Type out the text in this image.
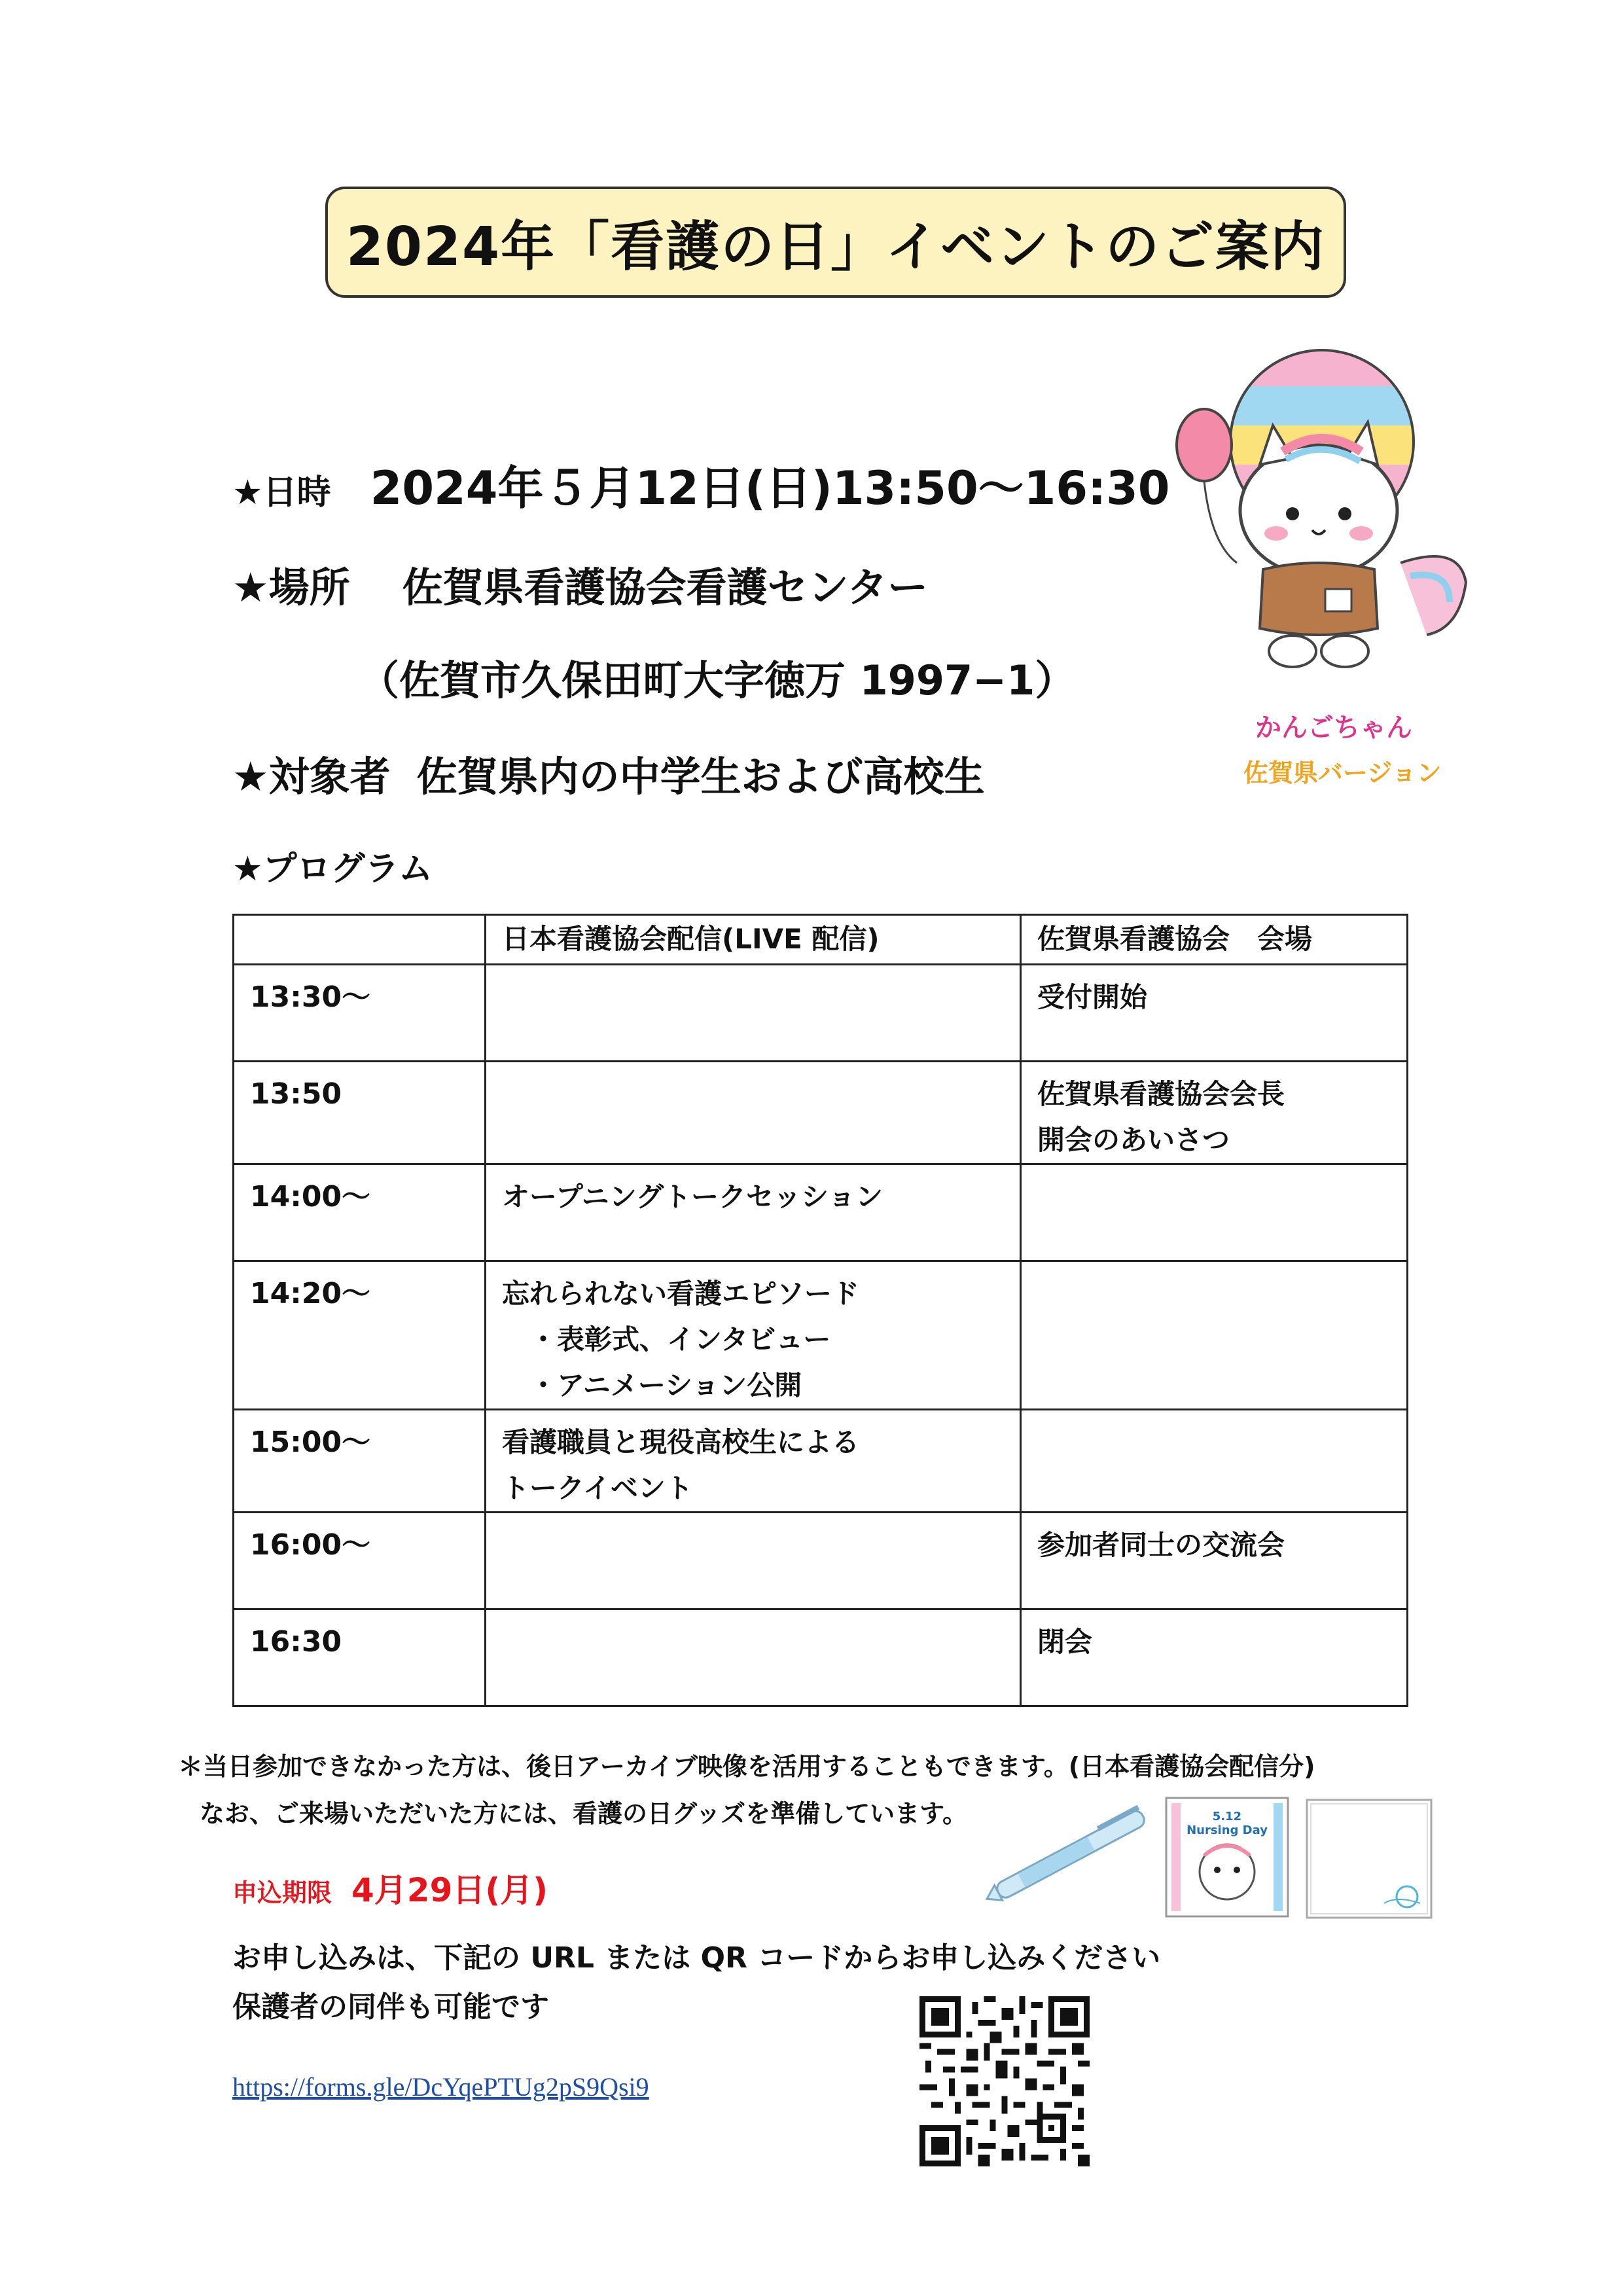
2024年「看護の日」イベントのご案内
★日時 2024年５月12日(日)13:50～16:30
★場所 佐賀県看護協会看護センター
（佐賀市久保田町大字徳万 1997−1）
★対象者 佐賀県内の中学生および高校生
★プログラム
かんごちゃん
佐賀県バージョン
	日本看護協会配信(LIVE 配信)	佐賀県看護協会　会場
13:30～		受付開始
13:50		佐賀県看護協会会長
開会のあいさつ
14:00～	オープニングトークセッション	
14:20～	忘れられない看護エピソード
　・表彰式、インタビュー
　・アニメーション公開	
15:00～	看護職員と現役高校生による
トークイベント	
16:00～		参加者同士の交流会
16:30		閉会
＊当日参加できなかった方は、後日アーカイブ映像を活用することもできます。(日本看護協会配信分)
なお、ご来場いただいた方には、看護の日グッズを準備しています。	5.12 Nursing Day
申込期限 4月29日(月)
お申し込みは、下記の URL または QR コードからお申し込みください
保護者の同伴も可能です
https://forms.gle/DcYqePTUg2pS9Qsi9
